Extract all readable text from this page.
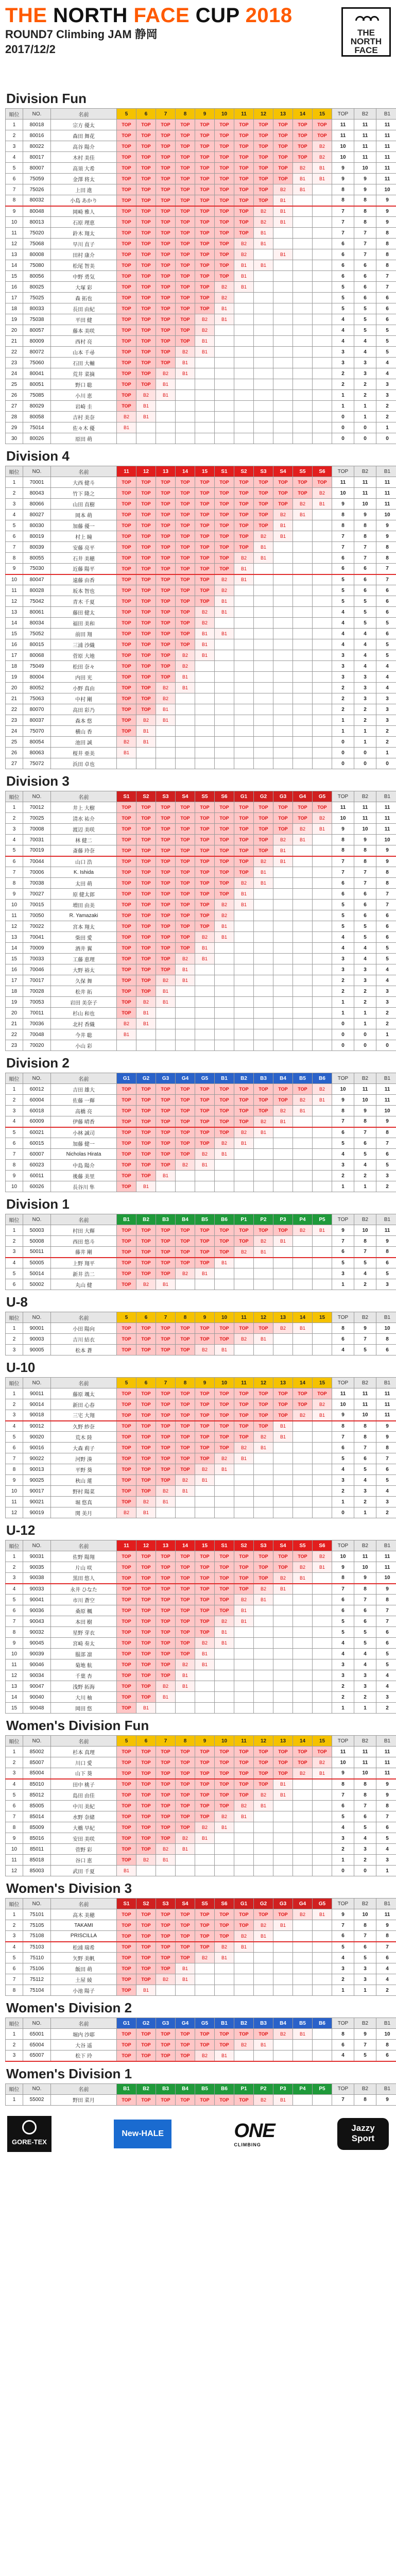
THE NORTH FACE CUP 2018
ROUND7 Climbing JAM 静岡
2017/12/2
THE
NORTH
FACE
Division Fun
順位	NO.	名前	5	6	7	8	9	10	11	12	13	14	15	TOP	B2	B1
1	80018	宗方 優太	TOP	TOP	TOP	TOP	TOP	TOP	TOP	TOP	TOP	TOP	TOP	11	11	11
2	80016	森田 舞花	TOP	TOP	TOP	TOP	TOP	TOP	TOP	TOP	TOP	TOP	TOP	11	11	11
3	80022	高谷 陽介	TOP	TOP	TOP	TOP	TOP	TOP	TOP	TOP	TOP	TOP	B2	10	11	11
4	80017	木村 美佳	TOP	TOP	TOP	TOP	TOP	TOP	TOP	TOP	TOP	TOP	B2	10	11	11
5	80007	高須 大希	TOP	TOP	TOP	TOP	TOP	TOP	TOP	TOP	TOP	B2	B1	9	10	11
6	75059	金澤 将太	TOP	TOP	TOP	TOP	TOP	TOP	TOP	TOP	TOP	B1	B1	9	9	11
7	75026	上田 進	TOP	TOP	TOP	TOP	TOP	TOP	TOP	TOP	B2	B1		8	9	10
8	80032	小島 あかり	TOP	TOP	TOP	TOP	TOP	TOP	TOP	TOP	B1			8	8	9
9	80048	岡崎 雅人	TOP	TOP	TOP	TOP	TOP	TOP	TOP	B2	B1			7	8	9
10	80013	石原 理恵	TOP	TOP	TOP	TOP	TOP	TOP	TOP	B2	B1			7	8	9
11	75020	鈴木 翔太	TOP	TOP	TOP	TOP	TOP	TOP	TOP	B1				7	7	8
12	75068	早川 直子	TOP	TOP	TOP	TOP	TOP	TOP	B2	B1				6	7	8
13	80008	田村 康介	TOP	TOP	TOP	TOP	TOP	TOP	B2		B1			6	7	8
14	75080	松尾 智美	TOP	TOP	TOP	TOP	TOP	TOP	B1	B1				6	6	8
15	80056	中野 勇気	TOP	TOP	TOP	TOP	TOP	TOP	B1					6	6	7
16	80025	大塚 彩	TOP	TOP	TOP	TOP	TOP	B2	B1					5	6	7
17	75025	森 拓也	TOP	TOP	TOP	TOP	TOP	B2						5	6	6
18	80033	長田 由紀	TOP	TOP	TOP	TOP	TOP	B1						5	5	6
19	75038	平田 健	TOP	TOP	TOP	TOP	B2	B1						4	5	6
20	80057	藤本 美咲	TOP	TOP	TOP	TOP	B2							4	5	5
21	80009	西村 亮	TOP	TOP	TOP	TOP	B1							4	4	5
22	80072	山本 千尋	TOP	TOP	TOP	B2	B1							3	4	5
23	75060	石田 大輔	TOP	TOP	TOP	B1								3	3	4
24	80041	荒井 菜摘	TOP	TOP	B2	B1								2	3	4
25	80051	野口 聡	TOP	TOP	B1									2	2	3
26	75085	小川 恵	TOP	B2	B1									1	2	3
27	80029	岩崎 圭	TOP	B1										1	1	2
28	80058	吉村 美奈	B2	B1										0	1	2
29	75014	佐々木 優	B1											0	0	1
30	80026	原田 萌												0	0	0
Division 4
順位	NO.	名前	11	12	13	14	15	S1	S2	S3	S4	S5	S6	TOP	B2	B1
1	70001	大西 健斗	TOP	TOP	TOP	TOP	TOP	TOP	TOP	TOP	TOP	TOP	TOP	11	11	11
2	80043	竹下 隆之	TOP	TOP	TOP	TOP	TOP	TOP	TOP	TOP	TOP	TOP	B2	10	11	11
3	80066	山田 直樹	TOP	TOP	TOP	TOP	TOP	TOP	TOP	TOP	TOP	B2	B1	9	10	11
4	80027	岡本 萌	TOP	TOP	TOP	TOP	TOP	TOP	TOP	TOP	B2	B1		8	9	10
5	80030	加藤 優一	TOP	TOP	TOP	TOP	TOP	TOP	TOP	TOP	B1			8	8	9
6	80019	村上 瞳	TOP	TOP	TOP	TOP	TOP	TOP	TOP	B2	B1			7	8	9
7	80039	安藤 亮平	TOP	TOP	TOP	TOP	TOP	TOP	TOP	B1				7	7	8
8	80055	石井 美穂	TOP	TOP	TOP	TOP	TOP	TOP	B2	B1				6	7	8
9	75030	近藤 陽平	TOP	TOP	TOP	TOP	TOP	TOP	B1					6	6	7
10	80047	遠藤 由香	TOP	TOP	TOP	TOP	TOP	B2	B1					5	6	7
11	80028	坂本 智也	TOP	TOP	TOP	TOP	TOP	B2						5	6	6
12	75042	青木 千夏	TOP	TOP	TOP	TOP	TOP	B1						5	5	6
13	80061	藤田 健太	TOP	TOP	TOP	TOP	B2	B1						4	5	6
14	80034	福田 美和	TOP	TOP	TOP	TOP	B2							4	5	5
15	75052	前田 翔	TOP	TOP	TOP	TOP	B1	B1						4	4	6
16	80015	三浦 沙織	TOP	TOP	TOP	TOP	B1							4	4	5
17	80068	菅原 大地	TOP	TOP	TOP	B2	B1							3	4	5
18	75049	松田 奈々	TOP	TOP	TOP	B2								3	4	4
19	80004	内田 光	TOP	TOP	TOP	B1								3	3	4
20	80052	小野 真由	TOP	TOP	B2	B1								2	3	4
21	75063	中村 剛	TOP	TOP	B2									2	3	3
22	80070	高田 彩乃	TOP	TOP	B1									2	2	3
23	80037	森本 悠	TOP	B2	B1									1	2	3
24	75070	横山 香	TOP	B1										1	1	2
25	80054	池田 誠	B2	B1										0	1	2
26	80063	桜井 亜美	B1											0	0	1
27	75072	浜田 卓也												0	0	0
Division 3
順位	NO.	名前	S1	S2	S3	S4	S5	S6	G1	G2	G3	G4	G5	TOP	B2	B1
1	70012	井上 大樹	TOP	TOP	TOP	TOP	TOP	TOP	TOP	TOP	TOP	TOP	TOP	11	11	11
2	70025	清水 祐介	TOP	TOP	TOP	TOP	TOP	TOP	TOP	TOP	TOP	TOP	B2	10	11	11
3	70008	渡辺 美咲	TOP	TOP	TOP	TOP	TOP	TOP	TOP	TOP	TOP	B2	B1	9	10	11
4	70031	林 健二	TOP	TOP	TOP	TOP	TOP	TOP	TOP	TOP	B2	B1		8	9	10
5	70019	斎藤 玲奈	TOP	TOP	TOP	TOP	TOP	TOP	TOP	TOP	B1			8	8	9
6	70044	山口 浩	TOP	TOP	TOP	TOP	TOP	TOP	TOP	B2	B1			7	8	9
7	70006	K. Ishida	TOP	TOP	TOP	TOP	TOP	TOP	TOP	B1				7	7	8
8	70038	太田 萌	TOP	TOP	TOP	TOP	TOP	TOP	B2	B1				6	7	8
9	70027	原 健太郎	TOP	TOP	TOP	TOP	TOP	TOP	B1					6	6	7
10	70015	増田 由美	TOP	TOP	TOP	TOP	TOP	B2	B1					5	6	7
11	70050	R. Yamazaki	TOP	TOP	TOP	TOP	TOP	B2						5	6	6
12	70022	宮本 翔太	TOP	TOP	TOP	TOP	TOP	B1						5	5	6
13	70041	柴田 愛	TOP	TOP	TOP	TOP	B2	B1						4	5	6
14	70009	酒井 翼	TOP	TOP	TOP	TOP	B1							4	4	5
15	70033	工藤 恵理	TOP	TOP	TOP	B2	B1							3	4	5
16	70046	大野 裕太	TOP	TOP	TOP	B1								3	3	4
17	70017	久保 舞	TOP	TOP	B2	B1								2	3	4
18	70028	松井 拓	TOP	TOP	B1									2	2	3
19	70053	岩田 美奈子	TOP	B2	B1									1	2	3
20	70011	杉山 和也	TOP	B1										1	1	2
21	70036	北村 香織	B2	B1										0	1	2
22	70048	今井 聡	B1											0	0	1
23	70020	小山 彩												0	0	0
Division 2
順位	NO.	名前	G1	G2	G3	G4	G5	B1	B2	B3	B4	B5	B6	TOP	B2	B1
1	60012	吉田 雄大	TOP	TOP	TOP	TOP	TOP	TOP	TOP	TOP	TOP	TOP	B2	10	11	11
2	60004	佐藤 一輝	TOP	TOP	TOP	TOP	TOP	TOP	TOP	TOP	TOP	B2	B1	9	10	11
3	60018	高橋 亮	TOP	TOP	TOP	TOP	TOP	TOP	TOP	TOP	B2	B1		8	9	10
4	60009	伊藤 晴香	TOP	TOP	TOP	TOP	TOP	TOP	TOP	B2	B1			7	8	9
5	60021	小林 誠司	TOP	TOP	TOP	TOP	TOP	TOP	B2	B1				6	7	8
6	60015	加藤 健一	TOP	TOP	TOP	TOP	TOP	B2	B1					5	6	7
7	60007	Nicholas Hirata	TOP	TOP	TOP	TOP	B2	B1						4	5	6
8	60023	中島 陽介	TOP	TOP	TOP	B2	B1							3	4	5
9	60011	後藤 美里	TOP	TOP	B1									2	2	3
10	60026	長谷川 隼	TOP	B1										1	1	2
Division 1
順位	NO.	名前	B1	B2	B3	B4	B5	B6	P1	P2	P3	P4	P5	TOP	B2	B1
1	50003	村田 大輝	TOP	TOP	TOP	TOP	TOP	TOP	TOP	TOP	TOP	B2	B1	9	10	11
2	50008	西田 悠斗	TOP	TOP	TOP	TOP	TOP	TOP	TOP	B2	B1			7	8	9
3	50011	藤井 剛	TOP	TOP	TOP	TOP	TOP	TOP	B2	B1				6	7	8
4	50005	上野 翔平	TOP	TOP	TOP	TOP	TOP	B1						5	5	6
5	50014	新井 浩二	TOP	TOP	TOP	B2	B1							3	4	5
6	50002	丸山 健	TOP	B2	B1									1	2	3
U-8
順位	NO.	名前	5	6	7	8	9	10	11	12	13	14	15	TOP	B2	B1
1	90001	小田 陽向	TOP	TOP	TOP	TOP	TOP	TOP	TOP	TOP	B2	B1		8	9	10
2	90003	吉川 結衣	TOP	TOP	TOP	TOP	TOP	TOP	B2	B1				6	7	8
3	90005	松本 蒼	TOP	TOP	TOP	TOP	B2	B1						4	5	6
U-10
順位	NO.	名前	5	6	7	8	9	10	11	12	13	14	15	TOP	B2	B1
1	90011	藤原 颯太	TOP	TOP	TOP	TOP	TOP	TOP	TOP	TOP	TOP	TOP	TOP	11	11	11
2	90014	新田 心春	TOP	TOP	TOP	TOP	TOP	TOP	TOP	TOP	TOP	TOP	B2	10	11	11
3	90018	三宅 大翔	TOP	TOP	TOP	TOP	TOP	TOP	TOP	TOP	TOP	B2	B1	9	10	11
4	90012	久野 紗奈	TOP	TOP	TOP	TOP	TOP	TOP	TOP	TOP	B1			8	8	9
5	90020	荒木 陸	TOP	TOP	TOP	TOP	TOP	TOP	TOP	B2	B1			7	8	9
6	90016	大森 莉子	TOP	TOP	TOP	TOP	TOP	TOP	B2	B1				6	7	8
7	90022	河野 湊	TOP	TOP	TOP	TOP	TOP	B2	B1					5	6	7
8	90013	平野 葵	TOP	TOP	TOP	TOP	B2	B1						4	5	6
9	90025	秋山 蓮	TOP	TOP	TOP	B2	B1							3	4	5
10	90017	野村 陽菜	TOP	TOP	B2	B1								2	3	4
11	90021	堀 悠真	TOP	B2	B1									1	2	3
12	90019	関 美月	B2	B1										0	1	2
U-12
順位	NO.	名前	11	12	13	14	15	S1	S2	S3	S4	S5	S6	TOP	B2	B1
1	90031	佐野 陽翔	TOP	TOP	TOP	TOP	TOP	TOP	TOP	TOP	TOP	TOP	B2	10	11	11
2	90035	片山 咲	TOP	TOP	TOP	TOP	TOP	TOP	TOP	TOP	TOP	B2	B1	9	10	11
3	90038	黒田 悠人	TOP	TOP	TOP	TOP	TOP	TOP	TOP	TOP	B2	B1		8	9	10
4	90033	永井 ひなた	TOP	TOP	TOP	TOP	TOP	TOP	TOP	B2	B1			7	8	9
5	90041	市川 蒼空	TOP	TOP	TOP	TOP	TOP	TOP	B2	B1				6	7	8
6	90036	桑原 楓	TOP	TOP	TOP	TOP	TOP	TOP	B1					6	6	7
7	90043	本田 樹	TOP	TOP	TOP	TOP	TOP	B2	B1					5	6	7
8	90032	星野 芽衣	TOP	TOP	TOP	TOP	TOP	B1						5	5	6
9	90045	宮崎 奏太	TOP	TOP	TOP	TOP	B2	B1						4	5	6
10	90039	服部 凛	TOP	TOP	TOP	TOP	B1							4	4	5
11	90046	菊地 航	TOP	TOP	TOP	B2	B1							3	4	5
12	90034	千葉 杏	TOP	TOP	TOP	B1								3	3	4
13	90047	浅野 拓海	TOP	TOP	B2	B1								2	3	4
14	90040	大川 柚	TOP	TOP	B1									2	2	3
15	90048	岡田 悠	TOP	B1										1	1	2
Women's Division Fun
順位	NO.	名前	5	6	7	8	9	10	11	12	13	14	15	TOP	B2	B1
1	85002	杉本 真理	TOP	TOP	TOP	TOP	TOP	TOP	TOP	TOP	TOP	TOP	TOP	11	11	11
2	85007	川口 愛	TOP	TOP	TOP	TOP	TOP	TOP	TOP	TOP	TOP	TOP	B2	10	11	11
3	85004	山下 葵	TOP	TOP	TOP	TOP	TOP	TOP	TOP	TOP	TOP	B2	B1	9	10	11
4	85010	田中 桃子	TOP	TOP	TOP	TOP	TOP	TOP	TOP	TOP	B1			8	8	9
5	85012	島田 由佳	TOP	TOP	TOP	TOP	TOP	TOP	TOP	B2	B1			7	8	9
6	85005	中川 美紀	TOP	TOP	TOP	TOP	TOP	TOP	B2	B1				6	7	8
7	85014	水野 奈緒	TOP	TOP	TOP	TOP	TOP	B2	B1					5	6	7
8	85009	大橋 早紀	TOP	TOP	TOP	TOP	B2	B1						4	5	6
9	85016	安田 美咲	TOP	TOP	TOP	B2	B1							3	4	5
10	85011	菅野 彩	TOP	TOP	B2	B1								2	3	4
11	85018	谷口 恵	TOP	B2	B1									1	2	3
12	85003	武田 千夏	B1											0	0	1
Women's Division 3
順位	NO.	名前	S1	S2	S3	S4	S5	S6	G1	G2	G3	G4	G5	TOP	B2	B1
1	75101	高木 美穂	TOP	TOP	TOP	TOP	TOP	TOP	TOP	TOP	TOP	B2	B1	9	10	11
2	75105	TAKAMI	TOP	TOP	TOP	TOP	TOP	TOP	TOP	B2	B1			7	8	9
3	75108	PRISCILLA	TOP	TOP	TOP	TOP	TOP	TOP	B2	B1				6	7	8
4	75103	松浦 瑞希	TOP	TOP	TOP	TOP	TOP	B2	B1					5	6	7
5	75110	矢野 美帆	TOP	TOP	TOP	TOP	B2	B1						4	5	6
6	75106	飯田 萌	TOP	TOP	TOP	B1								3	3	4
7	75112	土屋 綾	TOP	TOP	B2	B1								2	3	4
8	75104	小池 陽子	TOP	B1										1	1	2
Women's Division 2
順位	NO.	名前	G1	G2	G3	G4	G5	B1	B2	B3	B4	B5	B6	TOP	B2	B1
1	65001	堀内 沙耶	TOP	TOP	TOP	TOP	TOP	TOP	TOP	TOP	B2	B1		8	9	10
2	65004	大谷 遥	TOP	TOP	TOP	TOP	TOP	TOP	B2	B1				6	7	8
3	65007	松下 玲	TOP	TOP	TOP	TOP	B2	B1						4	5	6
Women's Division 1
順位	NO.	名前	B1	B2	B3	B4	B5	B6	P1	P2	P3	P4	P5	TOP	B2	B1
1	55002	野田 菜月	TOP	TOP	TOP	TOP	TOP	TOP	TOP	B2	B1			7	8	9

GORE-TEX
New-HALE	ONE
CLIMBING
Jazzy
Sport
